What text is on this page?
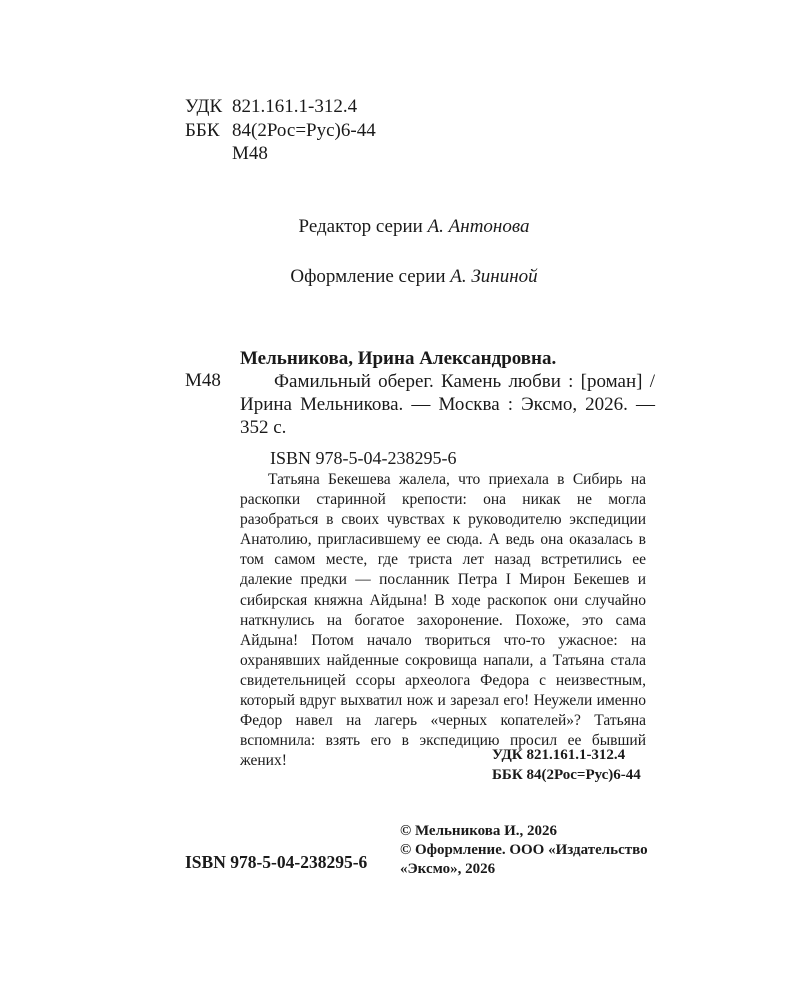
УДК 821.161.1-312.4
ББК 84(2Рос=Рус)6-44
М48
Редактор серии А. Антонова
Оформление серии А. Зининой
М48
Мельникова, Ирина Александровна.
Фамильный оберег. Камень любви : [роман] / Ирина Мельникова. — Москва : Эксмо, 2026. — 352 с.
ISBN 978-5-04-238295-6
Татьяна Бекешева жалела, что приехала в Сибирь на раскопки старинной крепости: она никак не могла разобраться в своих чувствах к руководителю экспедиции Анатолию, пригласившему ее сюда. А ведь она оказалась в том самом месте, где триста лет назад встретились ее далекие предки — посланник Петра I Мирон Бекешев и сибирская княжна Айдына! В ходе раскопок они случайно наткнулись на богатое захоронение. Похоже, это сама Айдына! Потом начало твориться что-то ужасное: на охранявших найденные сокровища напали, а Татьяна стала свидетельницей ссоры археолога Федора с неизвестным, который вдруг выхватил нож и зарезал его! Неужели именно Федор навел на лагерь «черных копателей»? Татьяна вспомнила: взять его в экспедицию просил ее бывший жених!	УДК 821.161.1-312.4
ББК 84(2Рос=Рус)6-44
ISBN 978-5-04-238295-6
© Мельникова И., 2026
© Оформление. ООО «Издательство «Эксмо», 2026
